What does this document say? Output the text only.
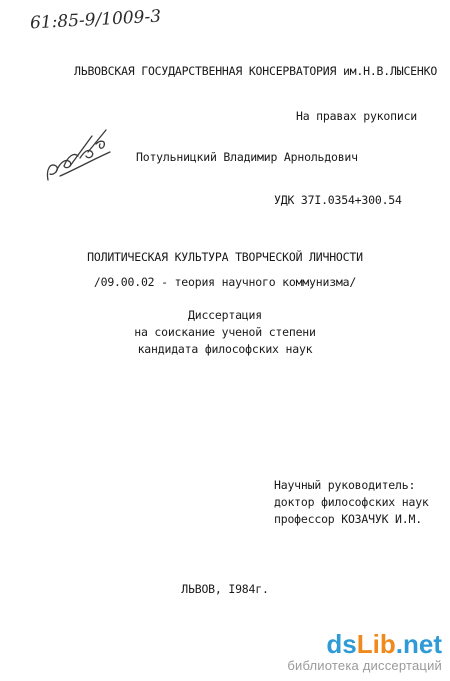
61:85-9/1009-3
ЛЬВОВСКАЯ ГОСУДАРСТВЕННАЯ КОНСЕРВАТОРИЯ им.Н.В.ЛЫСЕНКО
На правах рукописи
Потульницкий Владимир Арнольдович
УДК 37I.0354+300.54
ПОЛИТИЧЕСКАЯ КУЛЬТУРА ТВОРЧЕСКОЙ ЛИЧНОСТИ
/09.00.02 - теория научного коммунизма/
Диссертация
на соискание ученой степени
кандидата философских наук
Научный руководитель:
доктор философских наук
профессор КОЗАЧУК И.М.
ЛЬВОВ, I984г.
ds Lib .net
библиотека диссертаций
